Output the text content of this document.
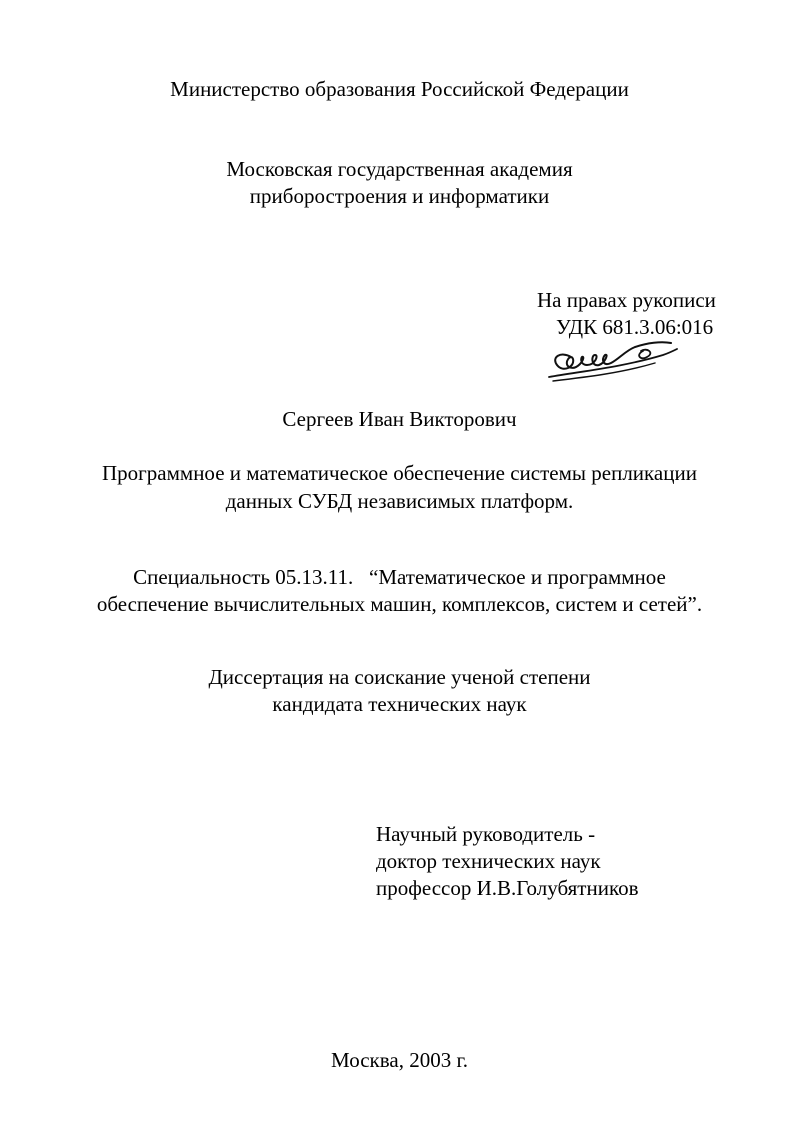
Министерство образования Российской Федерации
Московская государственная академия
приборостроения и информатики
На правах рукописи
УДК 681.3.06:016
Сергеев Иван Викторович
Программное и математическое обеспечение системы репликации
данных СУБД независимых платформ.
Специальность 05.13.11.   “Математическое и программное
обеспечение вычислительных машин, комплексов, систем и сетей”.
Диссертация на соискание ученой степени
кандидата технических наук
Научный руководитель -
доктор технических наук
профессор И.В.Голубятников
Москва, 2003 г.
